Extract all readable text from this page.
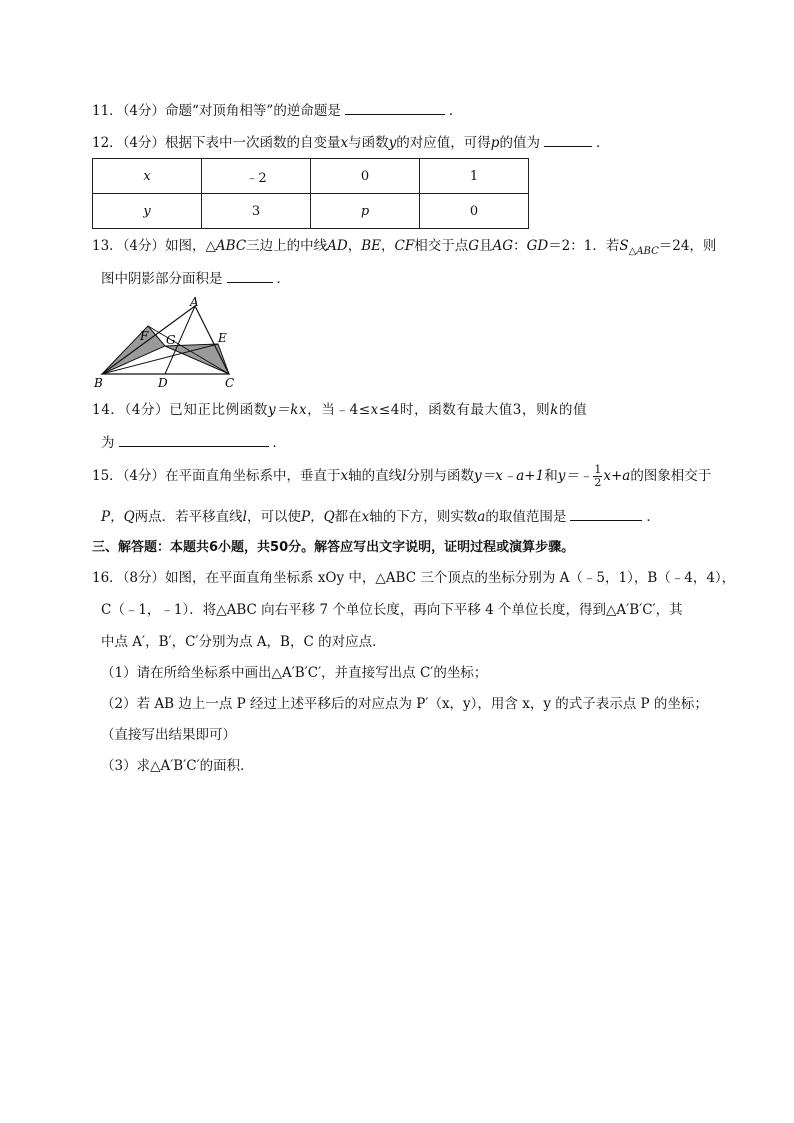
11．（4分）命题“对顶角相等”的逆命题是	．
12．（4分）根据下表中一次函数的自变量x与函数y的对应值，可得p的值为	．
x	﹣2	0	1
y	3	p	0
13．（4分）如图，△ABC三边上的中线AD，BE，CF相交于点G且AG：GD＝2：1．若$S_{\triangle ABC}=24$，则
图中阴影部分面积是	．
A
B	C
D
E
F G
14．（4分）已知正比例函数y＝kx，当﹣4≤x≤4时，函数有最大值3，则k的值
为	．
15．（4分）在平面直角坐标系中，垂直于x轴的直线l分别与函数y＝x﹣a+1和y＝﹣ $\frac{1}{2} x+a$的图象相交于
P，Q两点．若平移直线l，可以使P，Q都在x轴的下方，则实数a的取值范围是	．
三、解答题：本题共6小题，共50分。解答应写出文字说明，证明过程或演算步骤。
16．（8分）如图，在平面直角坐标系 xOy 中，△ABC 三个顶点的坐标分别为 A（﹣5，1），B（﹣4，4），
C（﹣1，﹣1）．将△ABC 向右平移 7 个单位长度，再向下平移 4 个单位长度，得到△A′B′C′，其
中点 A′，B′，C′分别为点 A，B，C 的对应点．
（1）请在所给坐标系中画出△A′B′C′，并直接写出点 C′的坐标；
（2）若 AB 边上一点 P 经过上述平移后的对应点为 P′（x，y），用含 x，y 的式子表示点 P 的坐标；
（直接写出结果即可）
（3）求△A′B′C′的面积．
